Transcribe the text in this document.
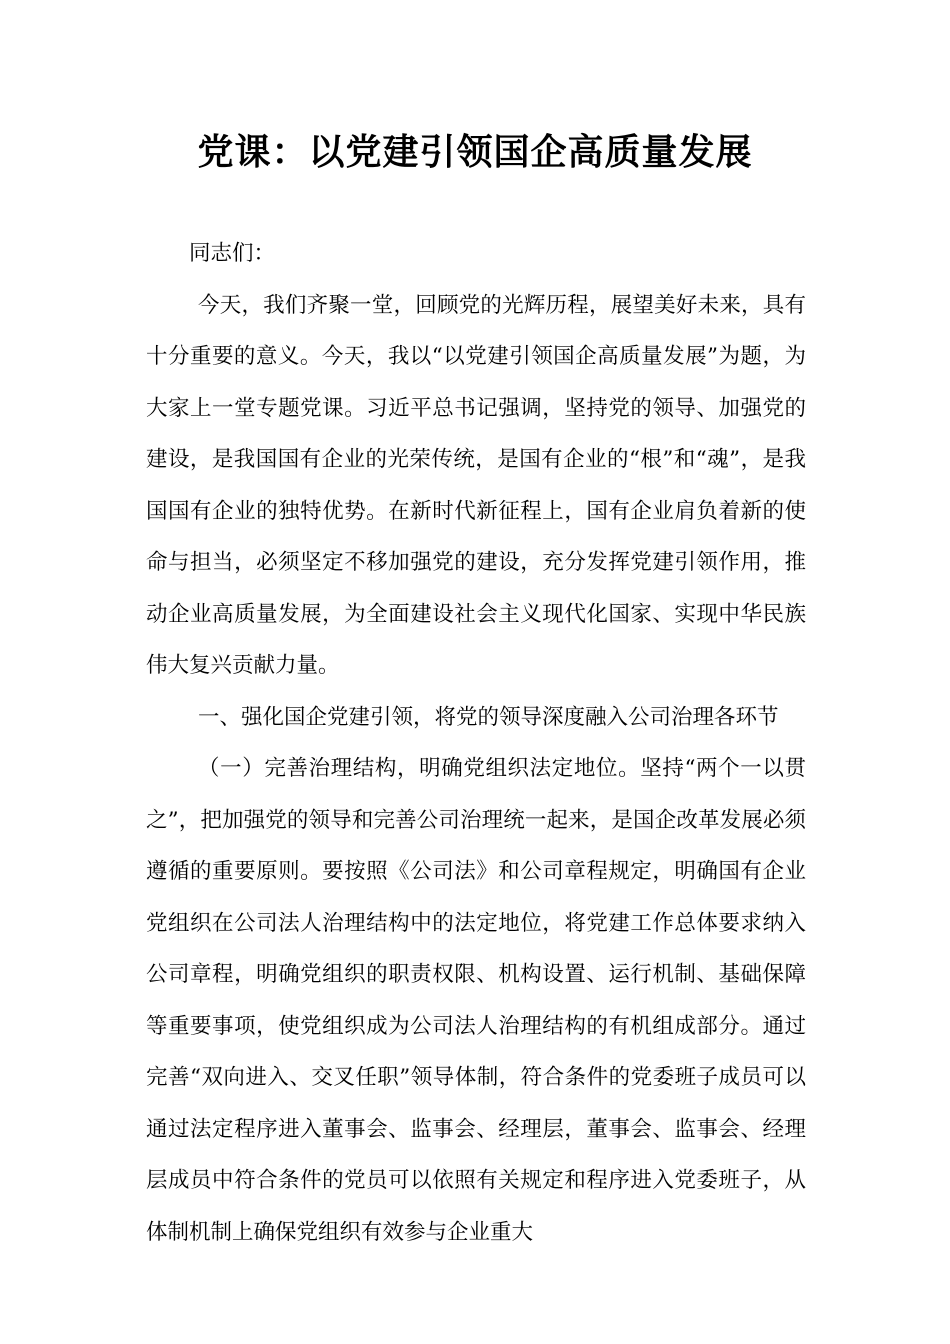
党课：以党建引领国企高质量发展

同志们：

今天，我们齐聚一堂，回顾党的光辉历程，展望美好未来，具有十分重要的意义。今天，我以“以党建引领国企高质量发展”为题，为大家上一堂专题党课。习近平总书记强调，坚持党的领导、加强党的建设，是我国国有企业的光荣传统，是国有企业的“根”和“魂”，是我国国有企业的独特优势。在新时代新征程上，国有企业肩负着新的使命与担当，必须坚定不移加强党的建设，充分发挥党建引领作用，推动企业高质量发展，为全面建设社会主义现代化国家、实现中华民族伟大复兴贡献力量。

一、强化国企党建引领，将党的领导深度融入公司治理各环节

（一）完善治理结构，明确党组织法定地位。坚持“两个一以贯之”，把加强党的领导和完善公司治理统一起来，是国企改革发展必须遵循的重要原则。要按照《公司法》和公司章程规定，明确国有企业党组织在公司法人治理结构中的法定地位，将党建工作总体要求纳入公司章程，明确党组织的职责权限、机构设置、运行机制、基础保障等重要事项，使党组织成为公司法人治理结构的有机组成部分。通过完善“双向进入、交叉任职”领导体制，符合条件的党委班子成员可以通过法定程序进入董事会、监事会、经理层，董事会、监事会、经理层成员中符合条件的党员可以依照有关规定和程序进入党委班子，从体制机制上确保党组织有效参与企业重大
